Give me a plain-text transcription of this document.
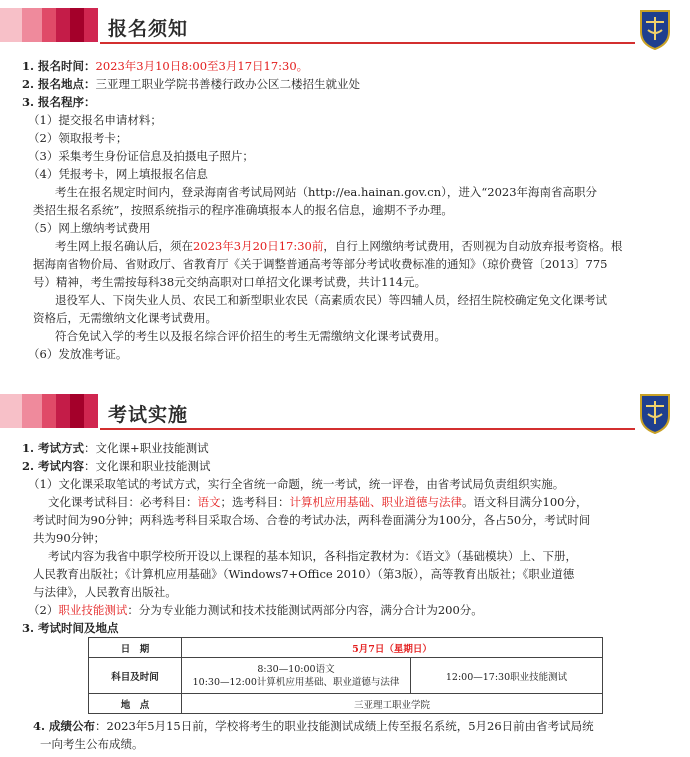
报名须知
1. 报名时间：2023年3月10日8:00至3月17日17:30。
2. 报名地点：三亚理工职业学院书善楼行政办公区二楼招生就业处
3. 报名程序：
（1）提交报名申请材料；
（2）领取报考卡；
（3）采集考生身份证信息及拍摄电子照片；
（4）凭报考卡，网上填报报名信息
考生在报名规定时间内，登录海南省考试局网站（http://ea.hainan.gov.cn），进入“2023年海南省高职分
类招生报名系统”，按照系统指示的程序准确填报本人的报名信息，逾期不予办理。
（5）网上缴纳考试费用
考生网上报名确认后，须在2023年3月20日17:30前，自行上网缴纳考试费用，否则视为自动放弃报考资格。根
据海南省物价局、省财政厅、省教育厅《关于调整普通高考等部分考试收费标准的通知》（琼价费管〔2013〕775
号）精神，考生需按每科38元交纳高职对口单招文化课考试费，共计114元。
退役军人、下岗失业人员、农民工和新型职业农民（高素质农民）等四辅人员，经招生院校确定免文化课考试
资格后，无需缴纳文化课考试费用。
符合免试入学的考生以及报名综合评价招生的考生无需缴纳文化课考试费用。
（6）发放准考证。
考试实施
1. 考试方式：文化课+职业技能测试
2. 考试内容：文化课和职业技能测试
（1）文化课采取笔试的考试方式，实行全省统一命题，统一考试，统一评卷，由省考试局负责组织实施。
文化课考试科目：必考科目：语文；选考科目：计算机应用基础、职业道德与法律。语文科目满分100分，
考试时间为90分钟；两科选考科目采取合场、合卷的考试办法，两科卷面满分为100分，各占50分，考试时间
共为90分钟；
考试内容为我省中职学校所开设以上课程的基本知识，各科指定教材为：《语文》（基础模块）上、下册，
人民教育出版社；《计算机应用基础》（Windows7+Office 2010）（第3版），高等教育出版社；《职业道德
与法律》，人民教育出版社。
（2）职业技能测试：分为专业能力测试和技术技能测试两部分内容，满分合计为200分。
3. 考试时间及地点
日　期	5月7日（星期日）	
科目及时间	8:30—10:00语文
10:30—12:00计算机应用基础、职业道德与法律	12:00—17:30职业技能测试
地　点	三亚理工职业学院	
4. 成绩公布：2023年5月15日前，学校将考生的职业技能测试成绩上传至报名系统，5月26日前由省考试局统
一向考生公布成绩。
